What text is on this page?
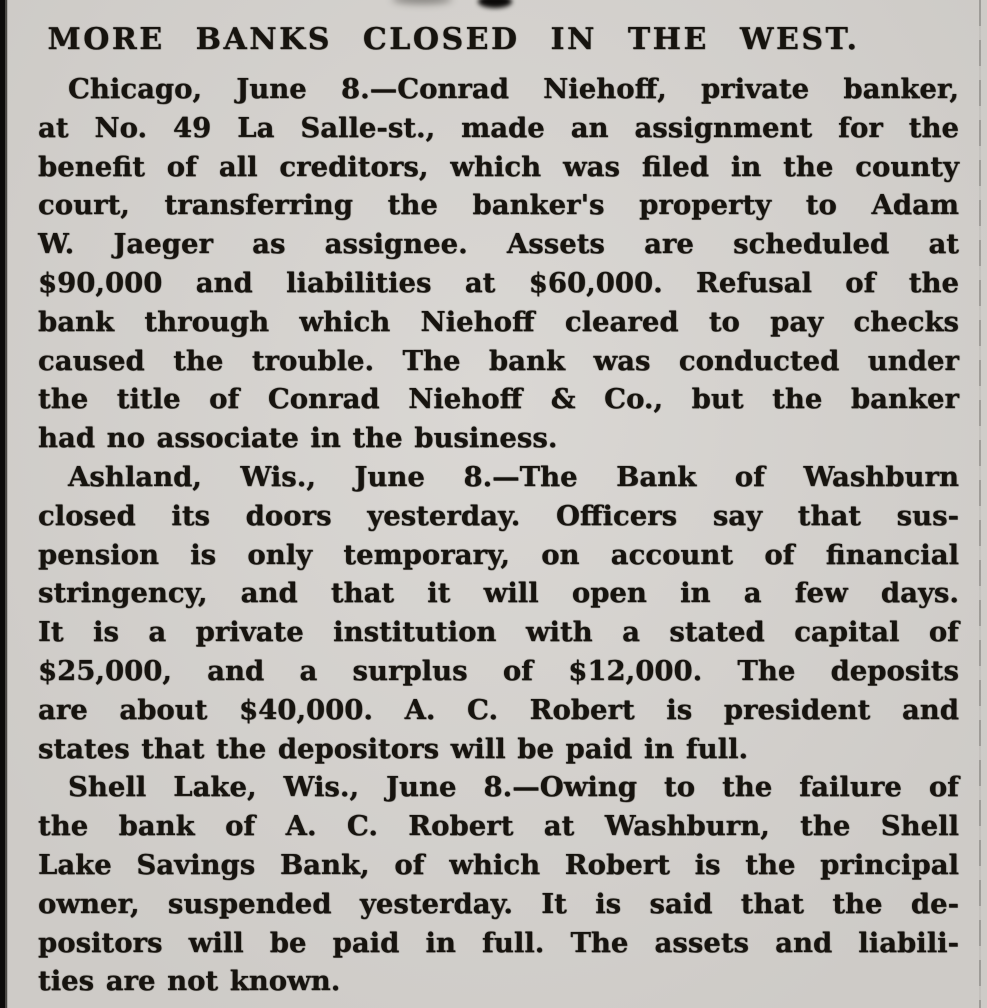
MORE BANKS CLOSED IN THE WEST.
Chicago, June 8.—Conrad Niehoff, private banker,
at No. 49 La Salle-st., made an assignment for the
benefit of all creditors, which was filed in the county
court, transferring the banker's property to Adam
W. Jaeger as assignee. Assets are scheduled at
$90,000 and liabilities at $60,000. Refusal of the
bank through which Niehoff cleared to pay checks
caused the trouble. The bank was conducted under
the title of Conrad Niehoff & Co., but the banker
had no associate in the business.
Ashland, Wis., June 8.—The Bank of Washburn
closed its doors yesterday. Officers say that sus-
pension is only temporary, on account of financial
stringency, and that it will open in a few days.
It is a private institution with a stated capital of
$25,000, and a surplus of $12,000. The deposits
are about $40,000. A. C. Robert is president and
states that the depositors will be paid in full.
Shell Lake, Wis., June 8.—Owing to the failure of
the bank of A. C. Robert at Washburn, the Shell
Lake Savings Bank, of which Robert is the principal
owner, suspended yesterday. It is said that the de-
positors will be paid in full. The assets and liabili-
ties are not known.
